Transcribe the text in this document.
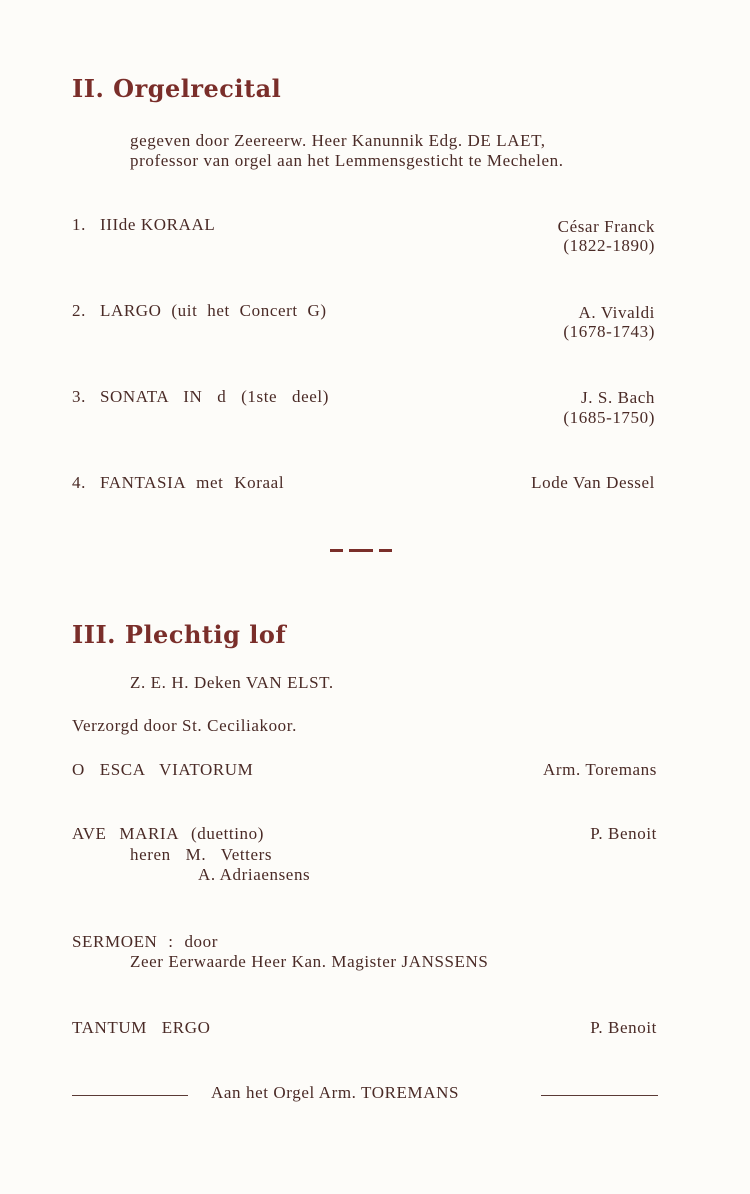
II. Orgelrecital
gegeven door Zeereerw. Heer Kanunnik Edg. DE LAET,
professor van orgel aan het Lemmensgesticht te Mechelen.
1. IIIde KORAAL	César Franck
(1822-1890)
2. LARGO (uit het Concert G)	A. Vivaldi
(1678-1743)
3. SONATA IN d (1ste deel)	J. S. Bach
(1685-1750)
4. FANTASIA met Koraal	Lode Van Dessel
III. Plechtig lof
Z. E. H. Deken VAN ELST.
Verzorgd door St. Ceciliakoor.
O ESCA VIATORUM	Arm. Toremans
AVE MARIA (duettino)	P. Benoit
heren M. Vetters
A. Adriaensens
SERMOEN : door
Zeer Eerwaarde Heer Kan. Magister JANSSENS
TANTUM ERGO	P. Benoit
Aan het Orgel Arm. TOREMANS
